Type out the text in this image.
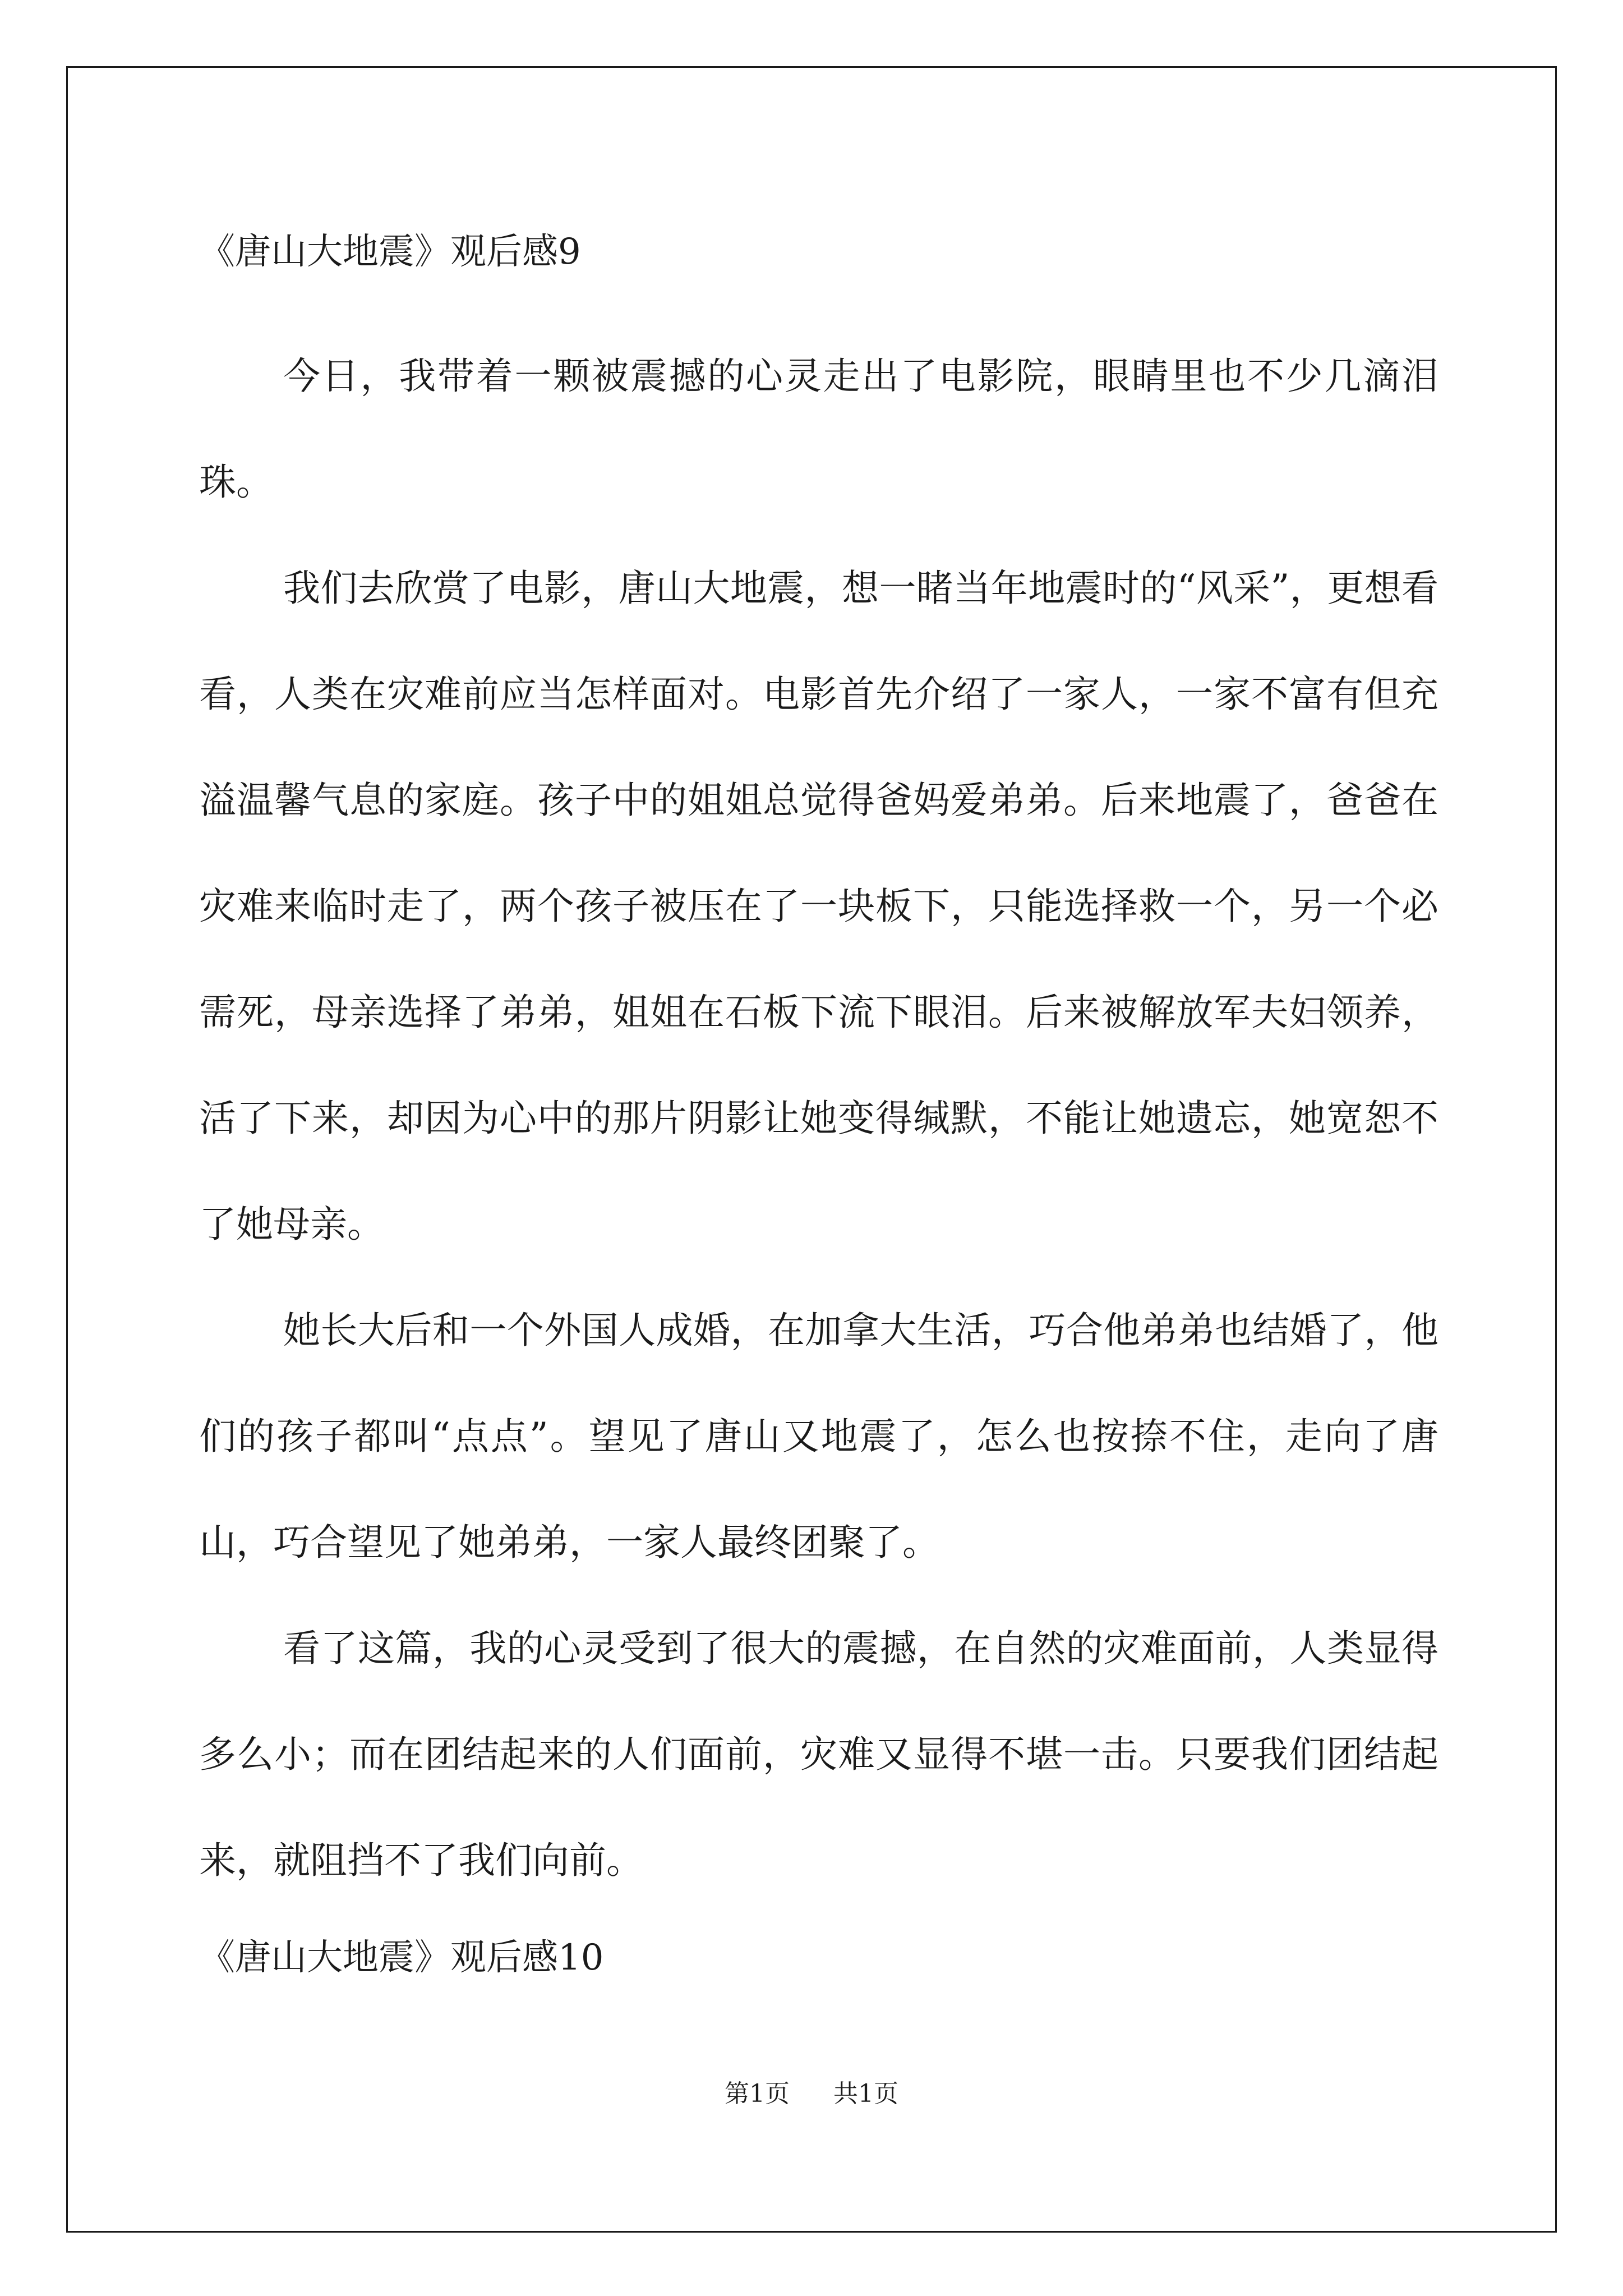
《唐山大地震》观后感9

今日，我带着一颗被震撼的心灵走出了电影院，眼睛里也不少几滴泪珠。

我们去欣赏了电影，唐山大地震，想一睹当年地震时的“风采”，更想看看，人类在灾难前应当怎样面对。电影首先介绍了一家人，一家不富有但充溢温馨气息的家庭。孩子中的姐姐总觉得爸妈爱弟弟。后来地震了，爸爸在灾难来临时走了，两个孩子被压在了一块板下，只能选择救一个，另一个必需死，母亲选择了弟弟，姐姐在石板下流下眼泪。后来被解放军夫妇领养，活了下来，却因为心中的那片阴影让她变得缄默，不能让她遗忘，她宽恕不了她母亲。

她长大后和一个外国人成婚，在加拿大生活，巧合他弟弟也结婚了，他们的孩子都叫“点点”。望见了唐山又地震了，怎么也按捺不住，走向了唐山，巧合望见了她弟弟，一家人最终团聚了。

看了这篇，我的心灵受到了很大的震撼，在自然的灾难面前，人类显得多么小；而在团结起来的人们面前，灾难又显得不堪一击。只要我们团结起来，就阻挡不了我们向前。

《唐山大地震》观后感10
第1页 共1页
